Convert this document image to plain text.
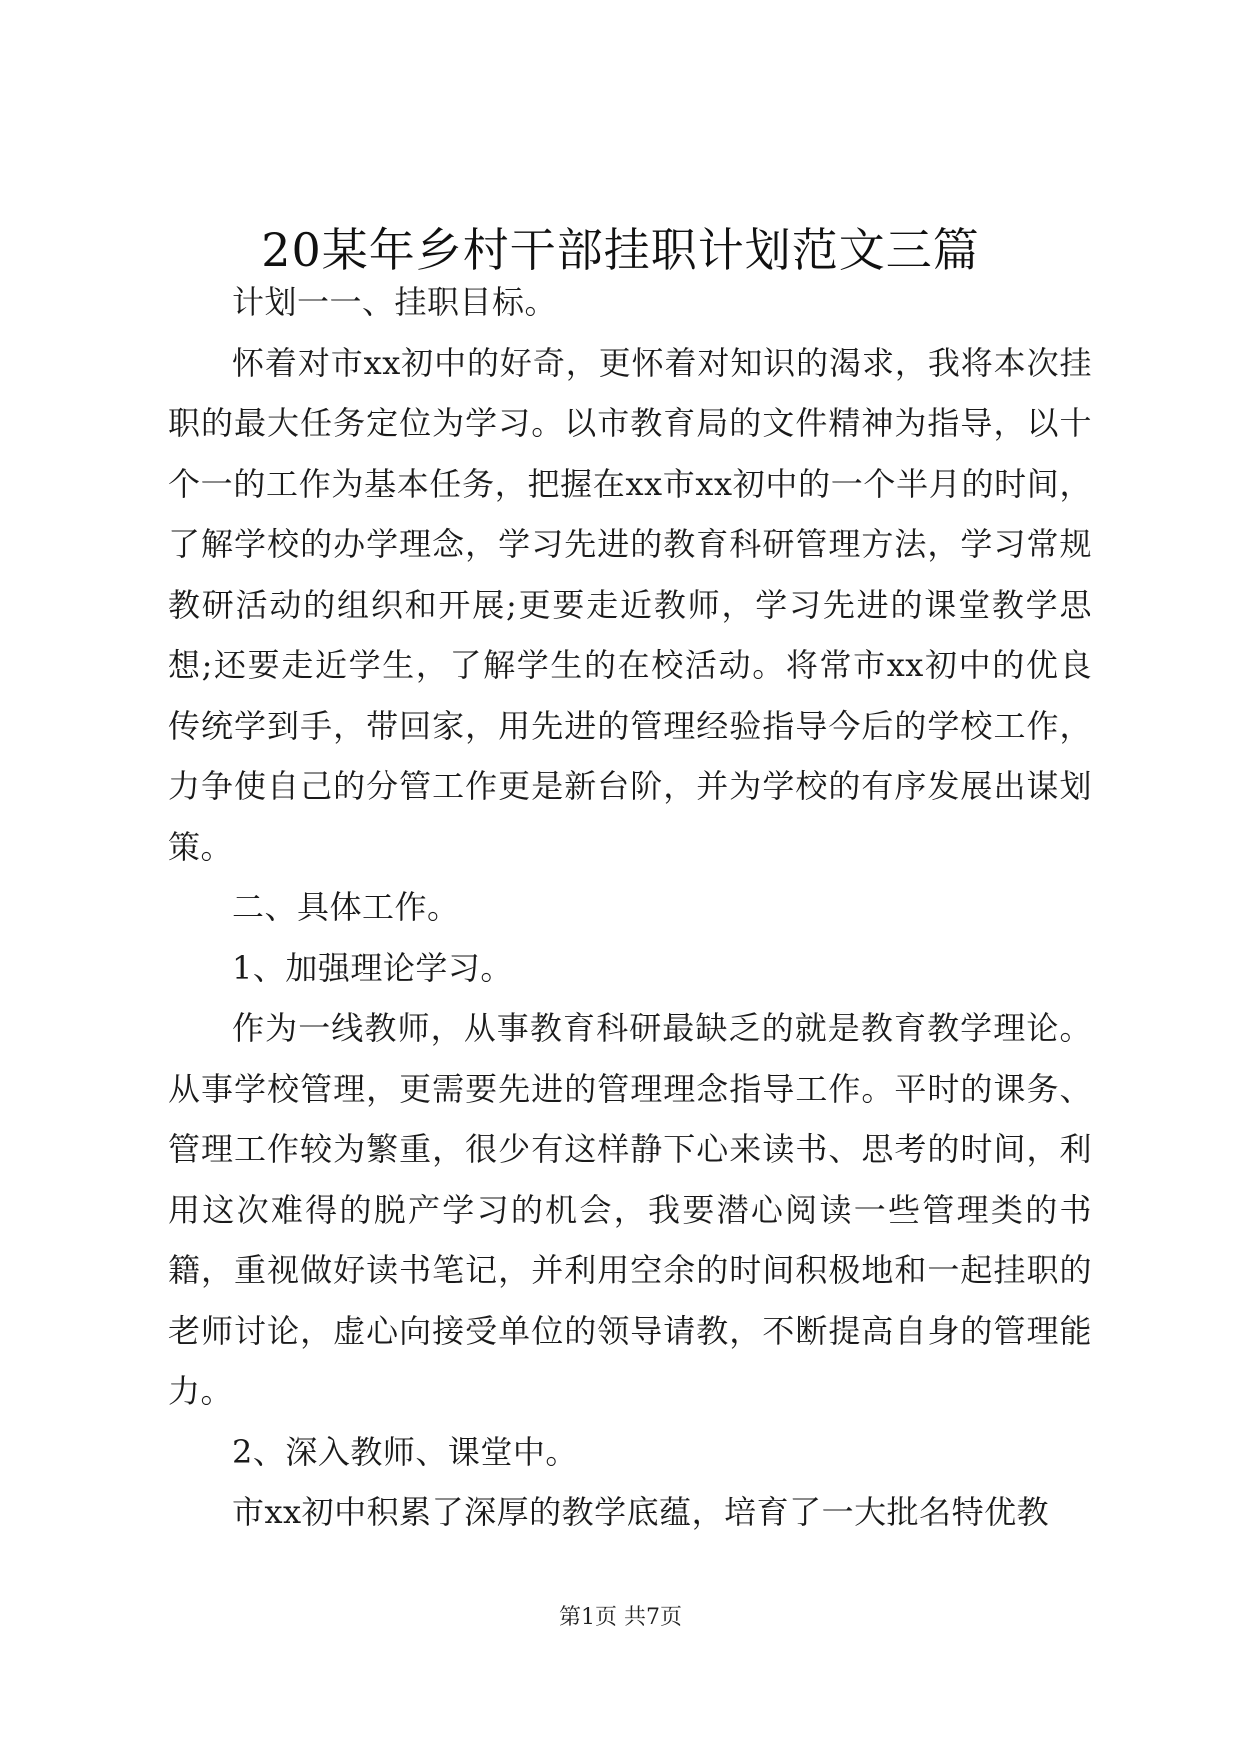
20某年乡村干部挂职计划范文三篇

计划一一、挂职目标。

怀着对市xx初中的好奇，更怀着对知识的渴求，我将本次挂职的最大任务定位为学习。以市教育局的文件精神为指导，以十个一的工作为基本任务，把握在xx市xx初中的一个半月的时间，了解学校的办学理念，学习先进的教育科研管理方法，学习常规教研活动的组织和开展;更要走近教师，学习先进的课堂教学思想;还要走近学生，了解学生的在校活动。将常市xx初中的优良传统学到手，带回家，用先进的管理经验指导今后的学校工作，力争使自己的分管工作更是新台阶，并为学校的有序发展出谋划策。

二、具体工作。

1、加强理论学习。

作为一线教师，从事教育科研最缺乏的就是教育教学理论。从事学校管理，更需要先进的管理理念指导工作。平时的课务、管理工作较为繁重，很少有这样静下心来读书、思考的时间，利用这次难得的脱产学习的机会，我要潜心阅读一些管理类的书籍，重视做好读书笔记，并利用空余的时间积极地和一起挂职的老师讨论，虚心向接受单位的领导请教，不断提高自身的管理能力。

2、深入教师、课堂中。

市xx初中积累了深厚的教学底蕴，培育了一大批名特优教

第1页 共7页
